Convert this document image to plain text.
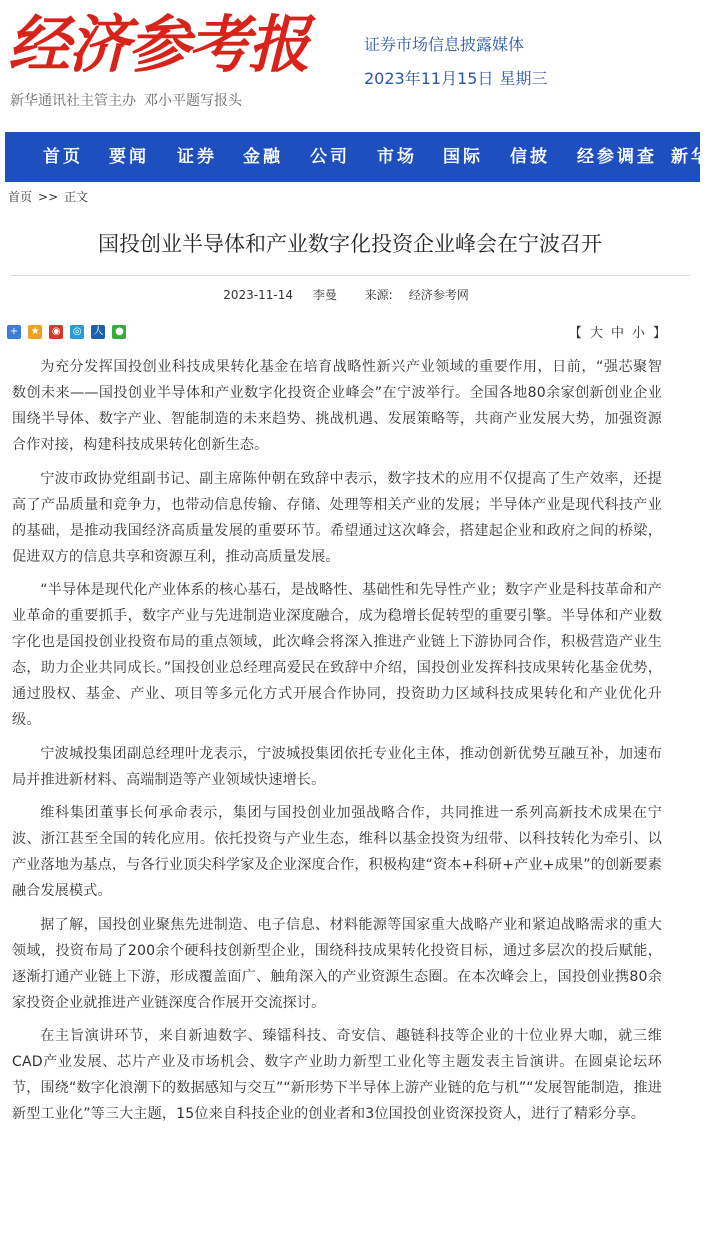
经济参考报
新华通讯社主管主办 邓小平题写报头
证券市场信息披露媒体
2023年11月15日 星期三
首页 要闻 证券 金融 公司 市场 国际 信披 经参调查 新华
首页 >> 正文
国投创业半导体和产业数字化投资企业峰会在宁波召开
2023-11-14 李曼 来源: 经济参考网
+ ★ ◉ ◎ 人 ●	【 大 中 小 】

为充分发挥国投创业科技成果转化基金在培育战略性新兴产业领域的重要作用，日前，“强芯聚智 数创未来——国投创业半导体和产业数字化投资企业峰会”在宁波举行。全国各地80余家创新创业企业围绕半导体、数字产业、智能制造的未来趋势、挑战机遇、发展策略等，共商产业发展大势，加强资源合作对接，构建科技成果转化创新生态。

宁波市政协党组副书记、副主席陈仲朝在致辞中表示，数字技术的应用不仅提高了生产效率，还提高了产品质量和竞争力，也带动信息传输、存储、处理等相关产业的发展；半导体产业是现代科技产业的基础，是推动我国经济高质量发展的重要环节。希望通过这次峰会，搭建起企业和政府之间的桥梁，促进双方的信息共享和资源互利，推动高质量发展。

“半导体是现代化产业体系的核心基石，是战略性、基础性和先导性产业；数字产业是科技革命和产业革命的重要抓手，数字产业与先进制造业深度融合，成为稳增长促转型的重要引擎。半导体和产业数字化也是国投创业投资布局的重点领域，此次峰会将深入推进产业链上下游协同合作，积极营造产业生态，助力企业共同成长。”国投创业总经理高爱民在致辞中介绍，国投创业发挥科技成果转化基金优势，通过股权、基金、产业、项目等多元化方式开展合作协同，投资助力区域科技成果转化和产业优化升级。

宁波城投集团副总经理叶龙表示，宁波城投集团依托专业化主体，推动创新优势互融互补，加速布局并推进新材料、高端制造等产业领域快速增长。

维科集团董事长何承命表示，集团与国投创业加强战略合作，共同推进一系列高新技术成果在宁波、浙江甚至全国的转化应用。依托投资与产业生态，维科以基金投资为纽带、以科技转化为牵引、以产业落地为基点，与各行业顶尖科学家及企业深度合作，积极构建“资本+科研+产业+成果”的创新要素融合发展模式。

据了解，国投创业聚焦先进制造、电子信息、材料能源等国家重大战略产业和紧迫战略需求的重大领域，投资布局了200余个硬科技创新型企业，围绕科技成果转化投资目标，通过多层次的投后赋能，逐渐打通产业链上下游，形成覆盖面广、触角深入的产业资源生态圈。在本次峰会上，国投创业携80余家投资企业就推进产业链深度合作展开交流探讨。

在主旨演讲环节，来自新迪数字、臻镭科技、奇安信、趣链科技等企业的十位业界大咖，就三维CAD产业发展、芯片产业及市场机会、数字产业助力新型工业化等主题发表主旨演讲。在圆桌论坛环节，围绕“数字化浪潮下的数据感知与交互”“新形势下半导体上游产业链的危与机”“发展智能制造，推进新型工业化”等三大主题，15位来自科技企业的创业者和3位国投创业资深投资人，进行了精彩分享。
